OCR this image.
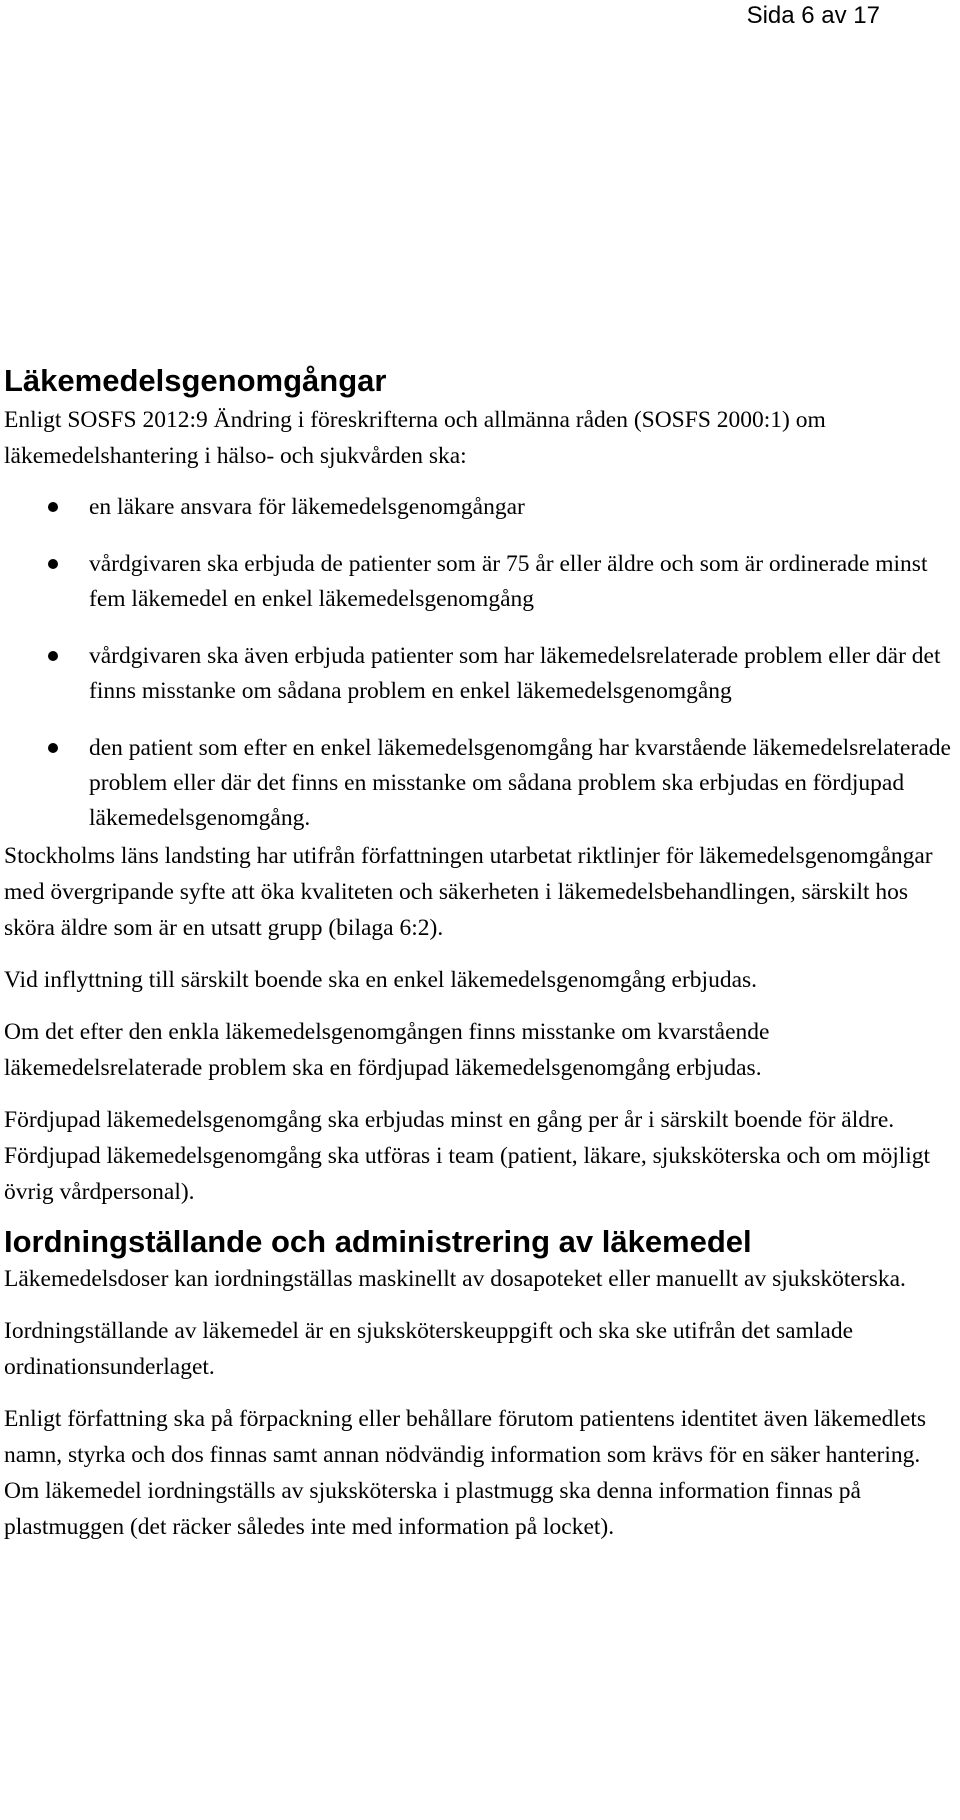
Sida 6 av 17
Läkemedelsgenomgångar

Enligt SOSFS 2012:9 Ändring i föreskrifterna och allmänna råden (SOSFS 2000:1) om läkemedelshantering i hälso- och sjukvården ska:

en läkare ansvara för läkemedelsgenomgångar
vårdgivaren ska erbjuda de patienter som är 75 år eller äldre och som är ordinerade minst fem läkemedel en enkel läkemedelsgenomgång
vårdgivaren ska även erbjuda patienter som har läkemedelsrelaterade problem eller där det finns misstanke om sådana problem en enkel läkemedelsgenomgång
den patient som efter en enkel läkemedelsgenomgång har kvarstående läkemedelsrelaterade problem eller där det finns en misstanke om sådana problem ska erbjudas en fördjupad läkemedelsgenomgång.

Stockholms läns landsting har utifrån författningen utarbetat riktlinjer för läkemedelsgenomgångar med övergripande syfte att öka kvaliteten och säkerheten i läkemedelsbehandlingen, särskilt hos sköra äldre som är en utsatt grupp (bilaga 6:2).

Vid inflyttning till särskilt boende ska en enkel läkemedelsgenomgång erbjudas.

Om det efter den enkla läkemedelsgenomgången finns misstanke om kvarstående läkemedelsrelaterade problem ska en fördjupad läkemedelsgenomgång erbjudas.

Fördjupad läkemedelsgenomgång ska erbjudas minst en gång per år i särskilt boende för äldre. Fördjupad läkemedelsgenomgång ska utföras i team (patient, läkare, sjuksköterska och om möjligt övrig vårdpersonal).

Iordningställande och administrering av läkemedel

Läkemedelsdoser kan iordningställas maskinellt av dosapoteket eller manuellt av sjuksköterska.

Iordningställande av läkemedel är en sjuksköterskeuppgift och ska ske utifrån det samlade ordinationsunderlaget.

Enligt författning ska på förpackning eller behållare förutom patientens identitet även läkemedlets namn, styrka och dos finnas samt annan nödvändig information som krävs för en säker hantering. Om läkemedel iordningställs av sjuksköterska i plastmugg ska denna information finnas på plastmuggen (det räcker således inte med information på locket).
